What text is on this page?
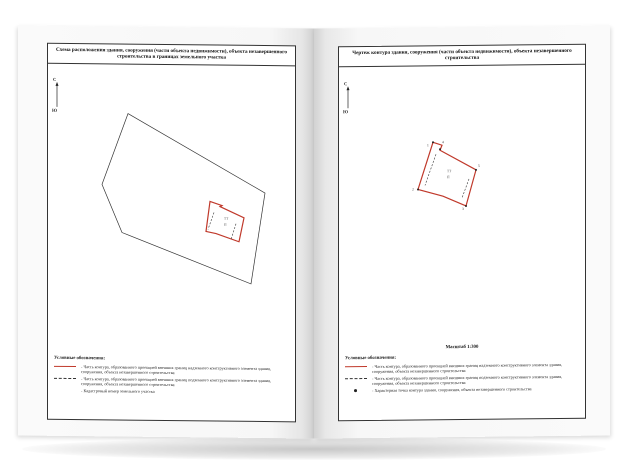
Схема расположения здания, сооружения (части объекта недвижимости), объекта незавершенного строительства в границах земельного участка
С
Ю
ТТ
П
Условные обозначения:
- Часть контура, образованного проекцией внешних границ надземного конструктивного элемента здания, сооружения, объекта незавершенного строительства
- Часть контура, образованного проекцией внешних границ подземного конструктивного элемента здания, сооружения, объекта незавершенного строительства
- Кадастровый номер земельного участка
Чертеж контура здания, сооружения (части объекта недвижимости), объекта незавершенного строительства
С
Ю
4
5
1
2
3
ТТ
П
Масштаб 1:300
Условные обозначения:
- Часть контура, образованного проекцией внешних границ надземного конструктивного элемента здания, сооружения, объекта незавершенного строительства
- Часть контура, образованного проекцией внешних границ подземного конструктивного элемента здания, сооружения, объекта незавершенного строительства
- Характерная точка контура здания, сооружения, объекта незавершенного строительства
